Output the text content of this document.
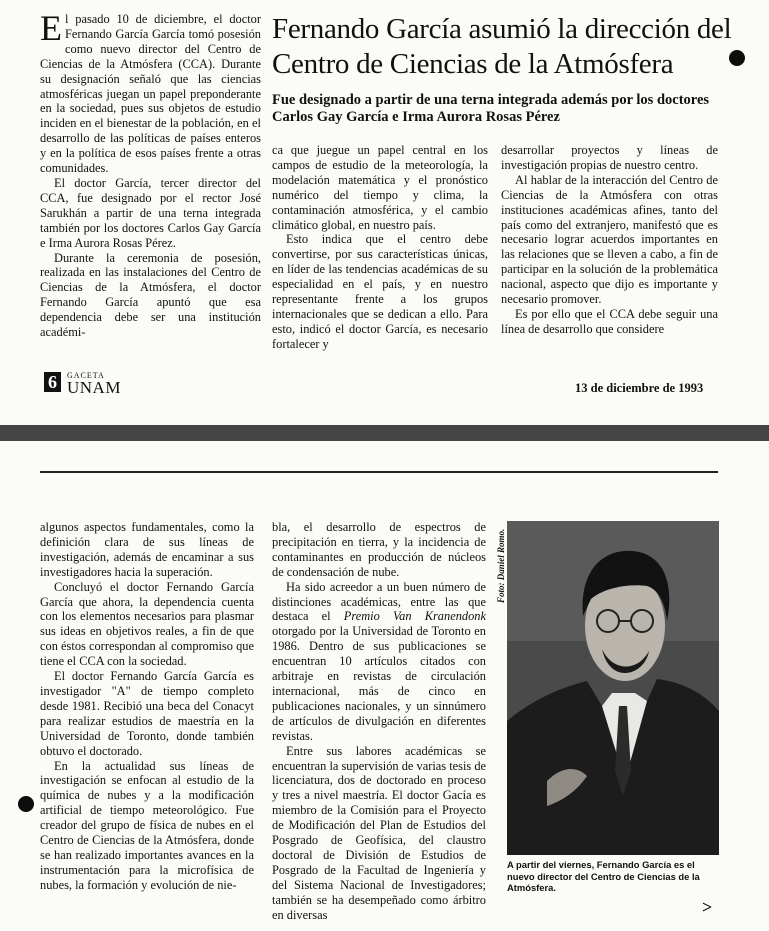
El pasado 10 de diciembre, el doctor Fernando García García tomó posesión como nuevo director del Centro de Ciencias de la Atmósfera (CCA). Durante su designación señaló que las ciencias atmosféricas juegan un papel preponderante en la sociedad, pues sus objetos de estudio inciden en el bienestar de la población, en el desarrollo de las políticas de países enteros y en la política de esos países frente a otras comunidades.

El doctor García, tercer director del CCA, fue designado por el rector José Sarukhán a partir de una terna integrada también por los doctores Carlos Gay García e Irma Aurora Rosas Pérez.

Durante la ceremonia de posesión, realizada en las instalaciones del Centro de Ciencias de la Atmósfera, el doctor Fernando García apuntó que esa dependencia debe ser una institución académi-

Fernando García asumió la dirección del Centro de Ciencias de la Atmósfera
Fue designado a partir de una terna integrada además por los doctores Carlos Gay García e Irma Aurora Rosas Pérez

ca que juegue un papel central en los campos de estudio de la meteorología, la modelación matemática y el pronóstico numérico del tiempo y clima, la contaminación atmosférica, y el cambio climático global, en nuestro país.

Esto indica que el centro debe convertirse, por sus características únicas, en líder de las tendencias académicas de su especialidad en el país, y en nuestro representante frente a los grupos internacionales que se dedican a ello. Para esto, indicó el doctor García, es necesario fortalecer y

desarrollar proyectos y líneas de investigación propias de nuestro centro.

Al hablar de la interacción del Centro de Ciencias de la Atmósfera con otras instituciones académicas afines, tanto del país como del extranjero, manifestó que es necesario lograr acuerdos importantes en las relaciones que se lleven a cabo, a fin de participar en la solución de la problemática nacional, aspecto que dijo es importante y necesario promover.

Es por ello que el CCA debe seguir una línea de desarrollo que considere

6 GACETA
UNAM	13 de diciembre de 1993

algunos aspectos fundamentales, como la definición clara de sus líneas de investigación, además de encaminar a sus investigadores hacia la superación.

Concluyó el doctor Fernando García García que ahora, la dependencia cuenta con los elementos necesarios para plasmar sus ideas en objetivos reales, a fin de que con éstos correspondan al compromiso que tiene el CCA con la sociedad.

El doctor Fernando García García es investigador "A" de tiempo completo desde 1981. Recibió una beca del Conacyt para realizar estudios de maestría en la Universidad de Toronto, donde también obtuvo el doctorado.

En la actualidad sus líneas de investigación se enfocan al estudio de la química de nubes y a la modificación artificial de tiempo meteorológico. Fue creador del grupo de física de nubes en el Centro de Ciencias de la Atmósfera, donde se han realizado importantes avances en la instrumentación para la microfísica de nubes, la formación y evolución de nie-

bla, el desarrollo de espectros de precipitación en tierra, y la incidencia de contaminantes en producción de núcleos de condensación de nube.

Ha sido acreedor a un buen número de distinciones académicas, entre las que destaca el Premio Van Kranendonk otorgado por la Universidad de Toronto en 1986. Dentro de sus publicaciones se encuentran 10 artículos citados con arbitraje en revistas de circulación internacional, más de cinco en publicaciones nacionales, y un sinnúmero de artículos de divulgación en diferentes revistas.

Entre sus labores académicas se encuentran la supervisión de varias tesis de licenciatura, dos de doctorado en proceso y tres a nivel maestría. El doctor Gacía es miembro de la Comisión para el Proyecto de Modificación del Plan de Estudios del Posgrado de Geofísica, del claustro doctoral de División de Estudios de Posgrado de la Facultad de Ingeniería y del Sistema Nacional de Investigadores; también se ha desempeñado como árbitro en diversas

Foto: Daniel Romo.
A partir del viernes, Fernando García es el nuevo director del Centro de Ciencias de la Atmósfera.
>
